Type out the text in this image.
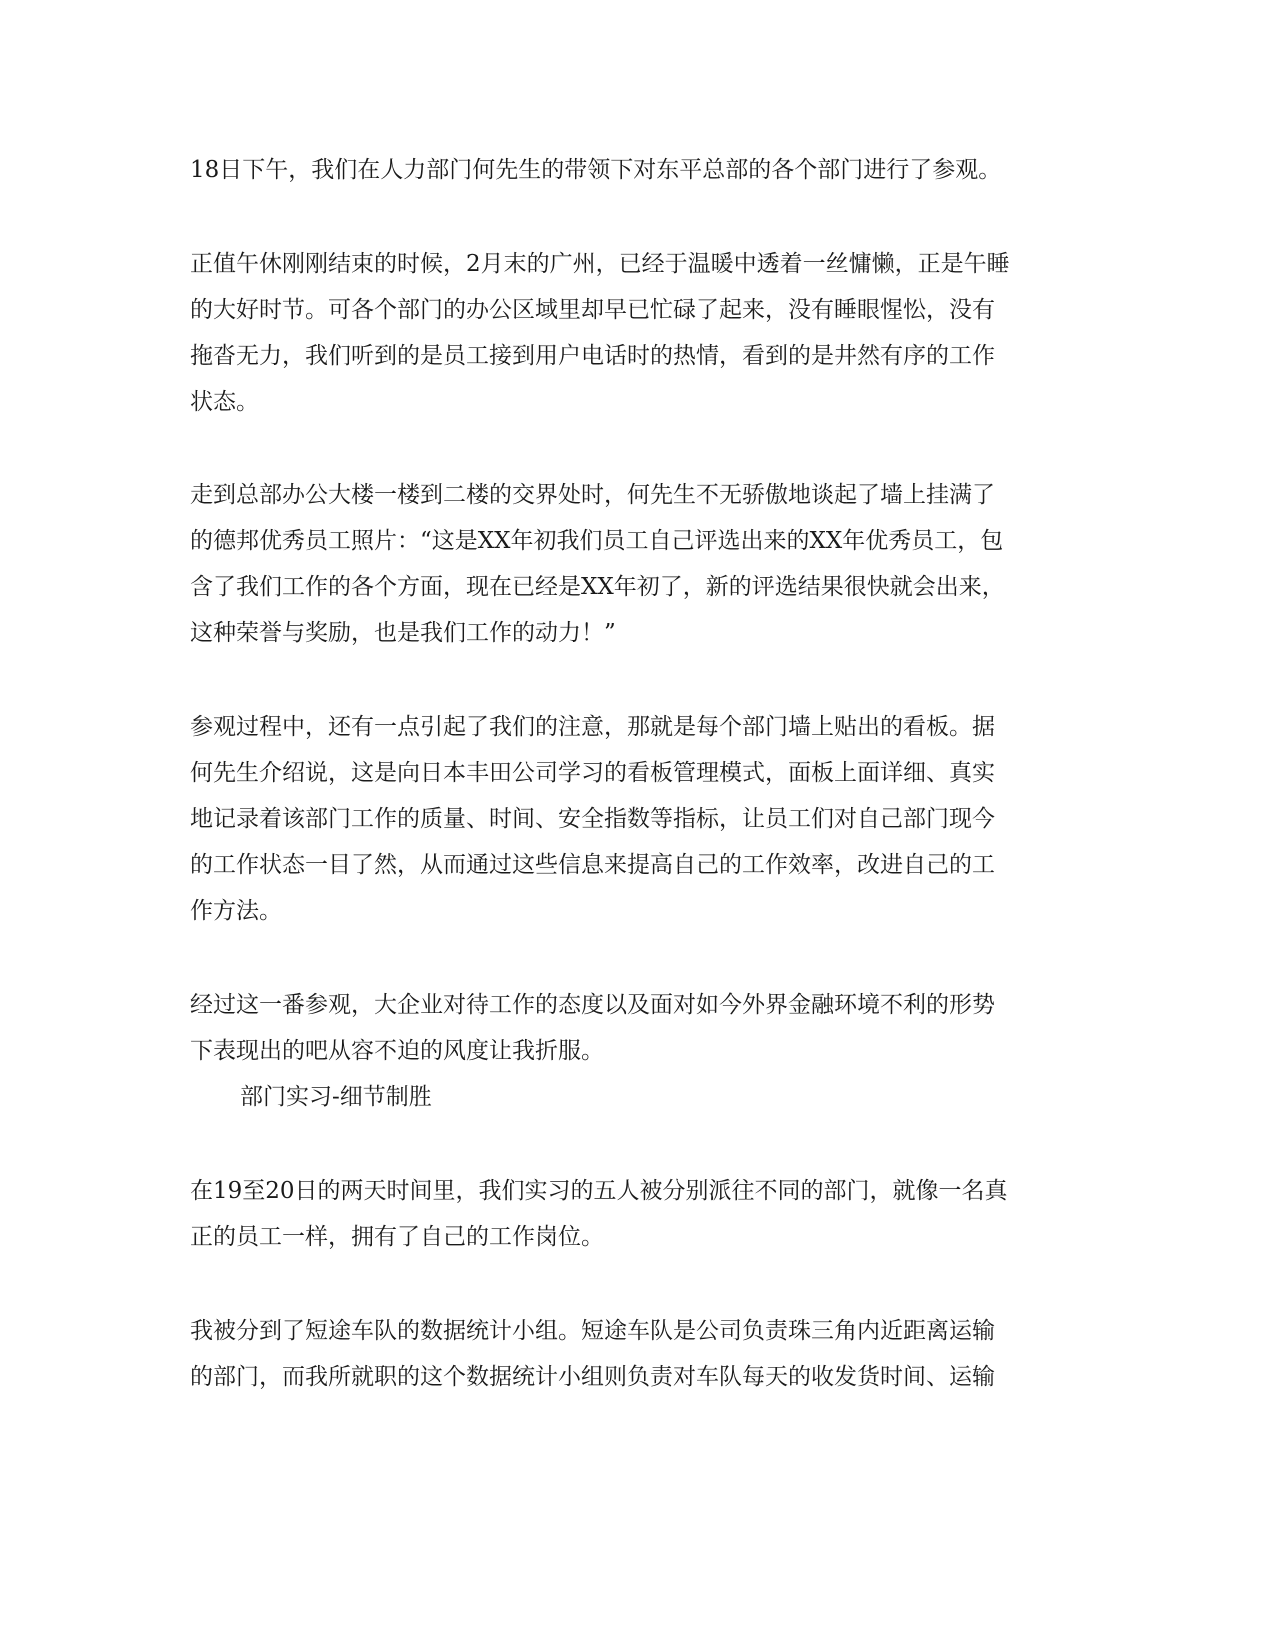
18日下午，我们在人力部门何先生的带领下对东平总部的各个部门进行了参观。
正值午休刚刚结束的时候，2月末的广州，已经于温暖中透着一丝慵懒，正是午睡
的大好时节。可各个部门的办公区域里却早已忙碌了起来，没有睡眼惺忪，没有
拖沓无力，我们听到的是员工接到用户电话时的热情，看到的是井然有序的工作
状态。
走到总部办公大楼一楼到二楼的交界处时，何先生不无骄傲地谈起了墙上挂满了
的德邦优秀员工照片：“这是XX年初我们员工自己评选出来的XX年优秀员工，包
含了我们工作的各个方面，现在已经是XX年初了，新的评选结果很快就会出来，
这种荣誉与奖励，也是我们工作的动力！”
参观过程中，还有一点引起了我们的注意，那就是每个部门墙上贴出的看板。据
何先生介绍说，这是向日本丰田公司学习的看板管理模式，面板上面详细、真实
地记录着该部门工作的质量、时间、安全指数等指标，让员工们对自己部门现今
的工作状态一目了然，从而通过这些信息来提高自己的工作效率，改进自己的工
作方法。
经过这一番参观，大企业对待工作的态度以及面对如今外界金融环境不利的形势
下表现出的吧从容不迫的风度让我折服。
部门实习-细节制胜
在19至20日的两天时间里，我们实习的五人被分别派往不同的部门，就像一名真
正的员工一样，拥有了自己的工作岗位。
我被分到了短途车队的数据统计小组。短途车队是公司负责珠三角内近距离运输
的部门，而我所就职的这个数据统计小组则负责对车队每天的收发货时间、运输
